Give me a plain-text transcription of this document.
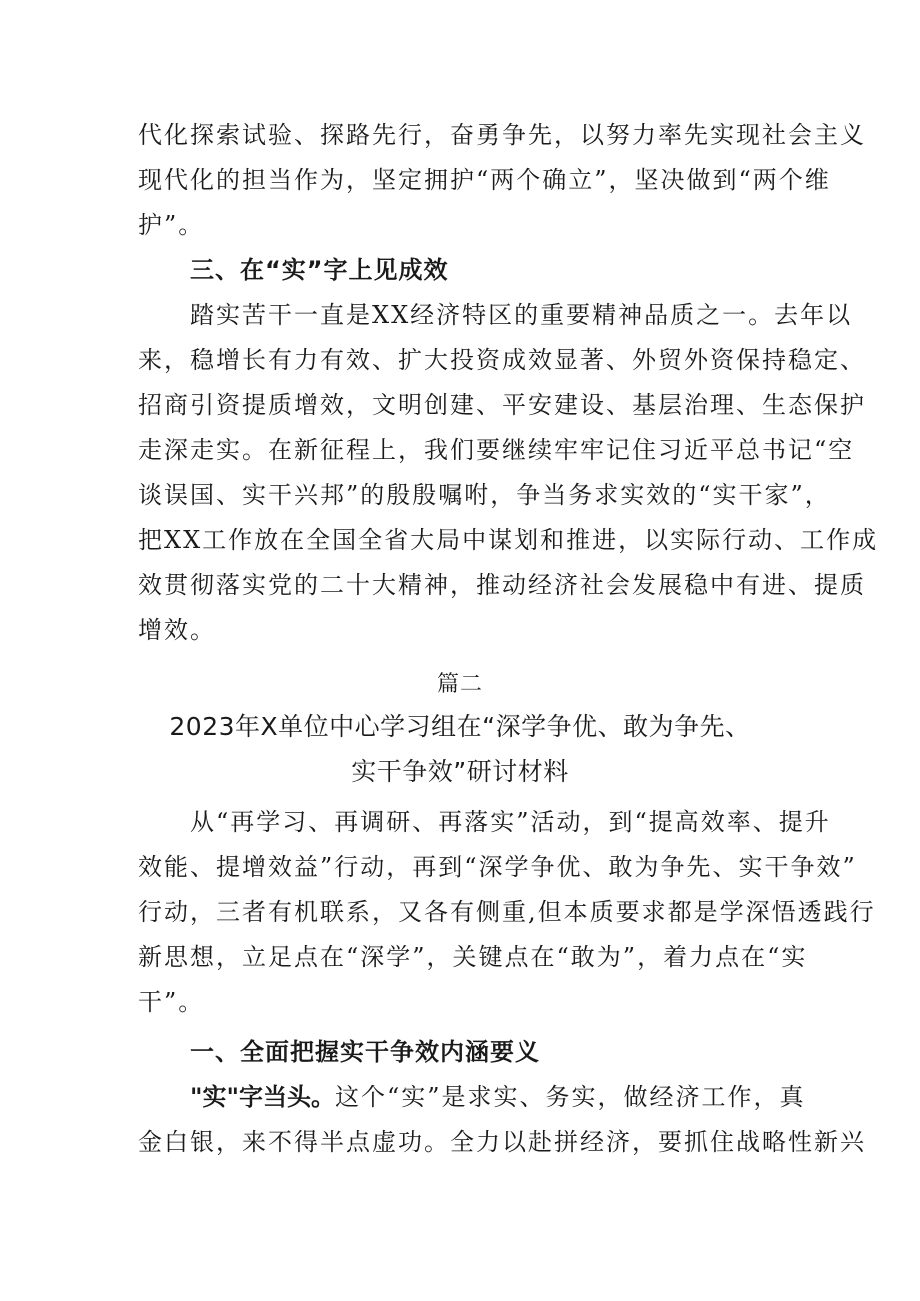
代化探索试验、探路先行，奋勇争先，以努力率先实现社会主义
现代化的担当作为，坚定拥护“两个确立”，坚决做到“两个维
护”。
三、在“实”字上见成效
踏实苦干一直是XX经济特区的重要精神品质之一。去年以
来，稳增长有力有效、扩大投资成效显著、外贸外资保持稳定、
招商引资提质增效，文明创建、平安建设、基层治理、生态保护
走深走实。在新征程上，我们要继续牢牢记住习近平总书记“空
谈误国、实干兴邦”的殷殷嘱咐，争当务求实效的“实干家”，
把XX工作放在全国全省大局中谋划和推进，以实际行动、工作成
效贯彻落实党的二十大精神，推动经济社会发展稳中有进、提质
增效。
篇二
2023年X单位中心学习组在“深学争优、敢为争先、
实干争效”研讨材料
从“再学习、再调研、再落实”活动，到“提高效率、提升
效能、提增效益”行动，再到“深学争优、敢为争先、实干争效”
行动，三者有机联系，又各有侧重,但本质要求都是学深悟透践行
新思想，立足点在“深学”，关键点在“敢为”，着力点在“实
干”。
一、全面把握实干争效内涵要义
"实"字当头。这个“实”是求实、务实，做经济工作，真
金白银，来不得半点虚功。全力以赴拼经济，要抓住战略性新兴
